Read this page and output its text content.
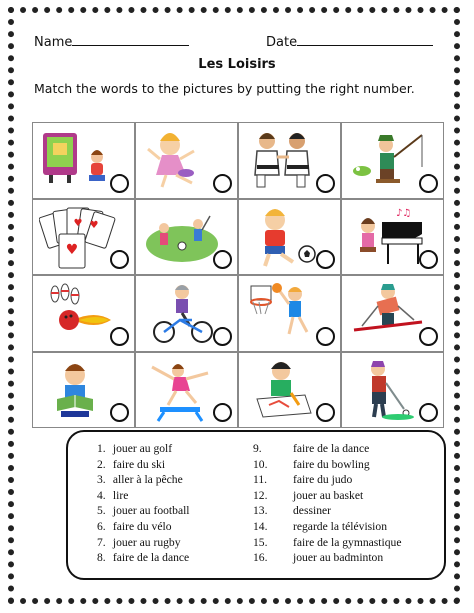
Name	Date
Les Loisirs
Match the words to the pictures by putting the right number.
♥
♥ ♥
♪♫
1. jouer au golf
2. faire du ski
3. aller à la pêche
4. lire
5. jouer au football
6. faire du vélo
7. jouer au rugby
8. faire de la dance
9.	faire de la dance
10. faire du bowling
11. faire du judo
12. jouer au basket
13. dessiner
14. regarde la télévision
15. faire de la gymnastique
16. jouer au badminton
